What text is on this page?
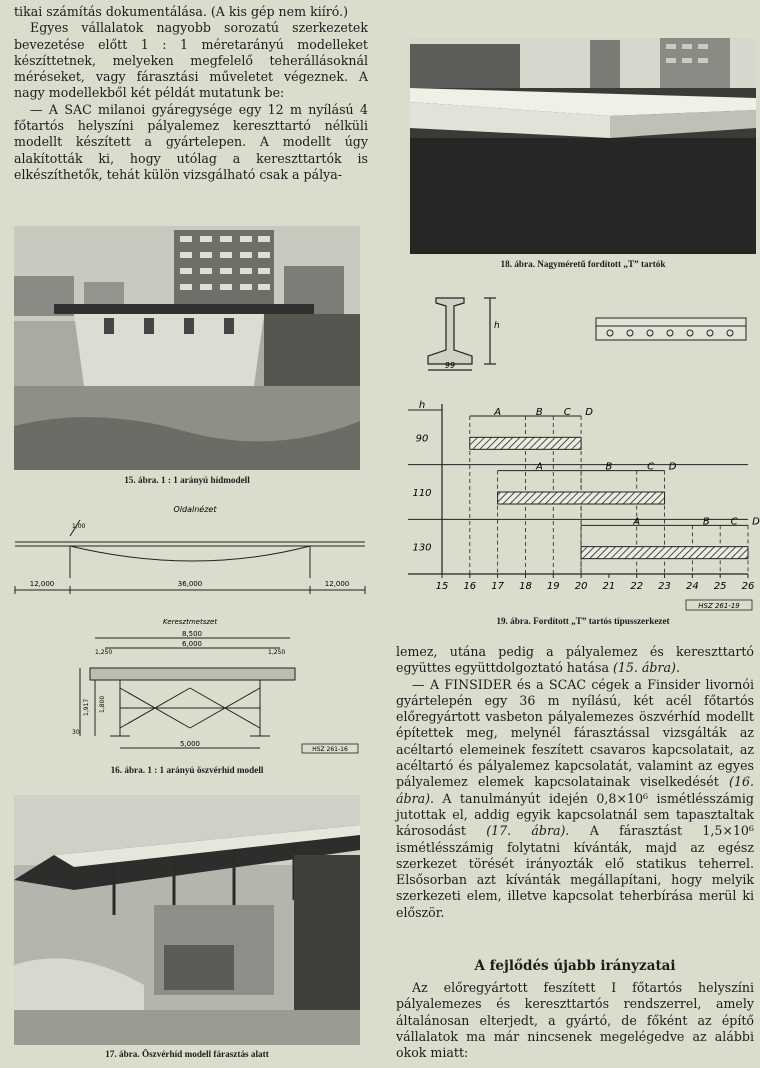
tikai számítás dokumentálása. (A kis gép nem kiíró.)

Egyes vállalatok nagyobb sorozatú szerkezetek bevezetése előtt 1 : 1 méretarányú modelleket készíttetnek, melyeken megfelelő teherállásoknál méréseket, vagy fárasztási műveletet végeznek. A nagy modellekből két példát mutatunk be:

— A SAC milanoi gyáregysége egy 12 m nyílású 4 főtartós helyszíni pályalemez kereszttartó nélküli modellt készített a gyártelepen. A modellt úgy alakították ki, hogy utólag a kereszttartók is elkészíthetők, tehát külön vizsgálható csak a pálya-

15. ábra. 1 : 1 arányú hídmodell
Oldalnézet
12,000	36,000	12,000
1,00
Keresztmetszet
8,500
6,000
1,250	1,250
5,000
1,800
1,917
30
HSZ 261-16
16. ábra. 1 : 1 arányú öszvérhíd modell
17. ábra. Öszvérhíd modell fárasztás alatt
18. ábra. Nagyméretű fordított „T” tartók
h
99
h
15 16 17 18 19 20 21 22 23 24 25 26
90
A	B C D
110
A	B	C D
130
A	B C D
HSZ 261-19
19. ábra. Fordított „T” tartós típusszerkezet

lemez, utána pedig a pályalemez és kereszttartó együttes együttdolgoztató hatása (15. ábra).

— A FINSIDER és a SCAC cégek a Finsider livornói gyártelepén egy 36 m nyílású, két acél főtartós előregyártott vasbeton pályalemezes öszvérhíd modellt építettek meg, melynél fárasztással vizsgálták az acéltartó elemeinek feszített csavaros kapcsolatait, az acéltartó és pályalemez kapcsolatát, valamint az egyes pályalemez elemek kapcsolatainak viselkedését (16. ábra). A tanulmányút idején 0,8×10⁶ ismétlésszámig jutottak el, addig egyik kapcsolatnál sem tapasztaltak károsodást (17. ábra). A fárasztást 1,5×10⁶ ismétlésszámig folytatni kívánták, majd az egész szerkezet törését irányozták elő statikus teherrel. Elsősorban azt kívánták megállapítani, hogy melyik szerkezeti elem, illetve kapcsolat teherbírása merül ki először.

A fejlődés újabb irányzatai

Az előregyártott feszített I főtartós helyszíni pályalemezes és kereszttartós rendszerrel, amely általánosan elterjedt, a gyártó, de főként az építő vállalatok ma már nincsenek megelégedve az alábbi okok miatt:
